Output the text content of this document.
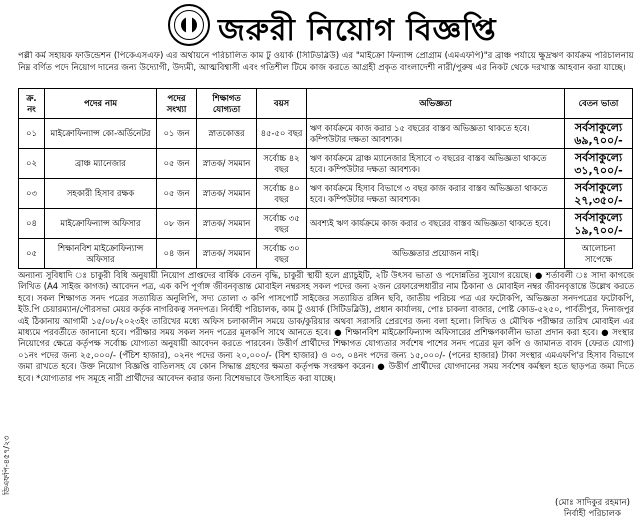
ডিএফপি-৪৫৭/২৩
জরুরী নিয়োগ বিজ্ঞপ্তি

পল্লী কর্ম সহায়ক ফাউন্ডেশন (পিকেএসএফ) এর অর্থায়নে পরিচালিত কাম টু ওয়ার্ক (সিটিডব্লিউ) এর "মাইক্রো ফিন্যান্স প্রোগ্রাম (এমএফপি)"র ব্রাঞ্চ পর্যায়ে ক্ষুদ্রঋণ কার্যক্রম পরিচালনায় নিম্ন বর্ণিত পদে নিয়োগ দানের জন্য উদ্যোগী, উদ্যমী, আত্মবিশ্বাসী এবং গতিশীল টিমে কাজ করতে আগ্রহী প্রকৃত বাংলাদেশী নারী/পুরুষ এর নিকট থেকে দরখাস্ত আহবান করা যাচ্ছে।

ক্র. নং	পদের নাম	পদের সংখ্যা	শিক্ষাগত যোগ্যতা	বয়স	অভিজ্ঞতা	বেতন ভাতা
০১	মাইক্রোফিন্যান্স কো-অর্ডিনেটর	০১ জন	স্নাতকোত্তর	৪৫-৫০ বছর	ঋণ কার্যক্রমে কাজ করার ১৫ বছরের বাস্তব অভিজ্ঞতা থাকতে হবে। কম্পিউটার দক্ষতা আবশ্যক।	সর্বসাকুল্যে ৬৯,৭০০/-
০২	ব্রাঞ্চ ম্যানেজার	০৫ জন	স্নাতক/ সমমান	সর্বোচ্চ ৪২ বছর	ঋণ কার্যক্রমে ব্রাঞ্চ ম্যানেজার হিসাবে ৩ বছরের বাস্তব অভিজ্ঞতা থাকতে হবে। কম্পিউটার দক্ষতা আবশ্যক।	সর্বসাকুল্যে ৩১,৭০০/-
০৩	সহকারী হিসাব রক্ষক	০৫ জন	স্নাতক/ সমমান	সর্বোচ্চ ৪০ বছর	ঋণ কার্যক্রমে হিসাব বিভাগে ৩ বছর কাজ করার বাস্তব অভিজ্ঞতা থাকতে হবে। কম্পিউটার দক্ষতা আবশ্যক।	সর্বসাকুল্যে ২৭,৩৫০/-
০৪	মাইক্রোফিন্যান্স অফিসার	০৮ জন	স্নাতক/ সমমান	সর্বোচ্চ ৩৫ বছর	অবশ্যই ঋণ কার্যক্রমে কাজ করার ৩ বছরের বাস্তব অভিজ্ঞতা থাকতে হবে।	সর্বসাকুল্যে ১৯,৭০০/-
০৫	শিক্ষানবিশ মাইক্রোফিন্যান্স অফিসার	০৪ জন	স্নাতক/ সমমান	সর্বোচ্চ ৩০ বছর	অভিজ্ঞতার প্রয়োজন নাই।	আলোচনা সাপেক্ষে

অন্যান্য সুবিধাদি ঃ চাকুরী বিধি অনুযায়ী নিয়োগ প্রাপ্তদের বার্ষিক বেতন বৃদ্ধি, চাকুরী স্থায়ী হলে গ্র্যাচুইটি, ২টি উৎসব ভাতা ও পদোন্নতির সুযোগ রয়েছে। ● শর্তাবলী ঃ সাদা কাগজে লিখিত (A4 সাইজ কাগজ) আবেদন পত্র, এক কপি পূর্ণাঙ্গ জীবনবৃত্তান্ত মোবাইল নম্বরসহ সকল পদের জন্য ২জন রেফারেন্সধারীর নাম ঠিকানা ও মোবাইল নম্বর জীবনবৃত্তান্তে উল্লেখ করতে হবে। সকল শিক্ষাগত সনদ পত্রের সত্যায়িত অনুলিপি, সদ্য তোলা ৩ কপি পাসপোর্ট সাইজের সত্যায়িত রঙ্গিন ছবি, জাতীয় পরিচয় পত্র এর ফটোকপি, অভিজ্ঞতা সনদপত্রের ফটোকপি, ইউ.পি চেয়ারম্যান/পৌরসভা মেয়র কর্তৃক নাগরিকত্ব সনদপত্র। নির্বাহী পরিচালক, কাম টু ওয়ার্ক (সিটিডব্লিউ), প্রধান কার্যালয়, পোঃ চাকলা বাজার, পোষ্ট কোড-৫২৫০, পার্বতীপুর, দিনাজপুর এই ঠিকানায় আগামী ১৫/০৮/২০২৩ইং তারিখের মধ্যে অফিস চলাকালীন সময়ে ডাক/কুরিয়ার অথবা সরাসরি প্রেরণের জন্য বলা হলো। লিখিত ও মৌখিক পরীক্ষার তারিখ মোবাইল এর মাধ্যমে পরবর্তীতে জানানো হবে। পরীক্ষার সময় সকল সনদ পত্রের মূলকপি সাথে আনতে হবে। ● শিক্ষানবিশ মাইক্রোফিন্যান্স অফিসারের প্রশিক্ষণকালীন ভাতা প্রদান করা হবে। ● সংস্থার নিয়োগের ক্ষেত্রে কর্তৃপক্ষ সর্বোচ্চ যোগ্যতা অনুযায়ী আবেদন করতে পারবেন। উত্তীর্ণ প্রার্থীদের শিক্ষাগত যোগ্যতার সর্বশেষ পাশের সনদ পত্রের মূল কপি ও জামানত বাবদ (ফেরত যোগ্য) ০১নং পদের জন্য ২৫,০০০/- (পঁচিশ হাজার), ০২নং পদের জন্য ২০,০০০/- (বিশ হাজার) ও ০৩, ০৪নং পদের জন্য ১৫,০০০/- (পনের হাজার) টাকা সংস্থার এমএফপি'র হিসাব বিভাগে জমা রাখতে হবে। উক্ত নিয়োগ বিজ্ঞপ্তি বাতিলসহ যে কোন সিদ্ধান্ত গ্রহণের ক্ষমতা কর্তৃপক্ষ সংরক্ষণ করেন। ● উত্তীর্ণ প্রার্থীদের যোগদানের সময় সর্বশেষ কর্মস্থল হতে ছাড়পত্র জমা দিতে হবে। *যোগ্যতার পদ সমূহে নারী প্রার্থীদের আবেদন করার জন্য বিশেষভাবে উৎসাহিত করা যাচ্ছে।

(মোঃ সাদিকুর রহমান)
নির্বাহী পরিচালক
